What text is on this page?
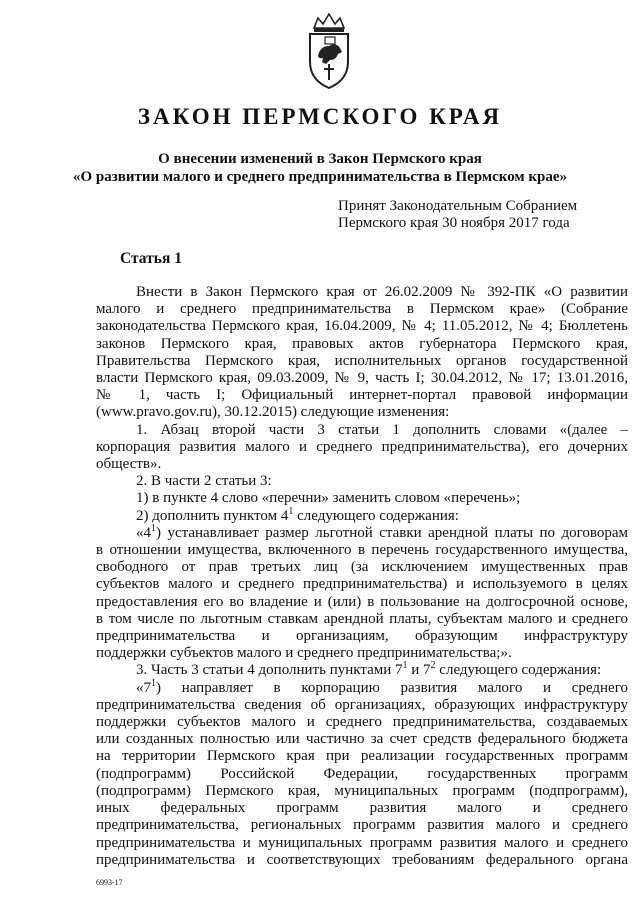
ЗАКОН ПЕРМСКОГО КРАЯ
О внесении изменений в Закон Пермского края
«О развитии малого и среднего предпринимательства в Пермском крае»
Принят Законодательным Собранием
Пермского края 30 ноября 2017 года
Статья 1

Внести в Закон Пермского края от 26.02.2009 № 392-ПК «О развитии

малого и среднего предпринимательства в Пермском крае» (Собрание

законодательства Пермского края, 16.04.2009, № 4; 11.05.2012, № 4; Бюллетень

законов Пермского края, правовых актов губернатора Пермского края,

Правительства Пермского края, исполнительных органов государственной

власти Пермского края, 09.03.2009, № 9, часть I; 30.04.2012, № 17; 13.01.2016,

№ 1, часть I; Официальный интернет-портал правовой информации

(www.pravo.gov.ru), 30.12.2015) следующие изменения:

1. Абзац второй части 3 статьи 1 дополнить словами «(далее –

корпорация развития малого и среднего предпринимательства), его дочерних

обществ».

2. В части 2 статьи 3:

1) в пункте 4 слово «перечни» заменить словом «перечень»;

2) дополнить пунктом $4^1$ следующего содержания:

«$4^1$) устанавливает размер льготной ставки арендной платы по договорам

в отношении имущества, включенного в перечень государственного имущества,

свободного от прав третьих лиц (за исключением имущественных прав

субъектов малого и среднего предпринимательства) и используемого в целях

предоставления его во владение и (или) в пользование на долгосрочной основе,

в том числе по льготным ставкам арендной платы, субъектам малого и среднего

предпринимательства и организациям, образующим инфраструктуру

поддержки субъектов малого и среднего предпринимательства;».

3. Часть 3 статьи 4 дополнить пунктами $7^1$ и $7^2$ следующего содержания:

«$7^1$) направляет в корпорацию развития малого и среднего

предпринимательства сведения об организациях, образующих инфраструктуру

поддержки субъектов малого и среднего предпринимательства, создаваемых

или созданных полностью или частично за счет средств федерального бюджета

на территории Пермского края при реализации государственных программ

(подпрограмм) Российской Федерации, государственных программ

(подпрограмм) Пермского края, муниципальных программ (подпрограмм),

иных федеральных программ развития малого и среднего

предпринимательства, региональных программ развития малого и среднего

предпринимательства и муниципальных программ развития малого и среднего

предпринимательства и соответствующих требованиям федерального органа

6993-17
